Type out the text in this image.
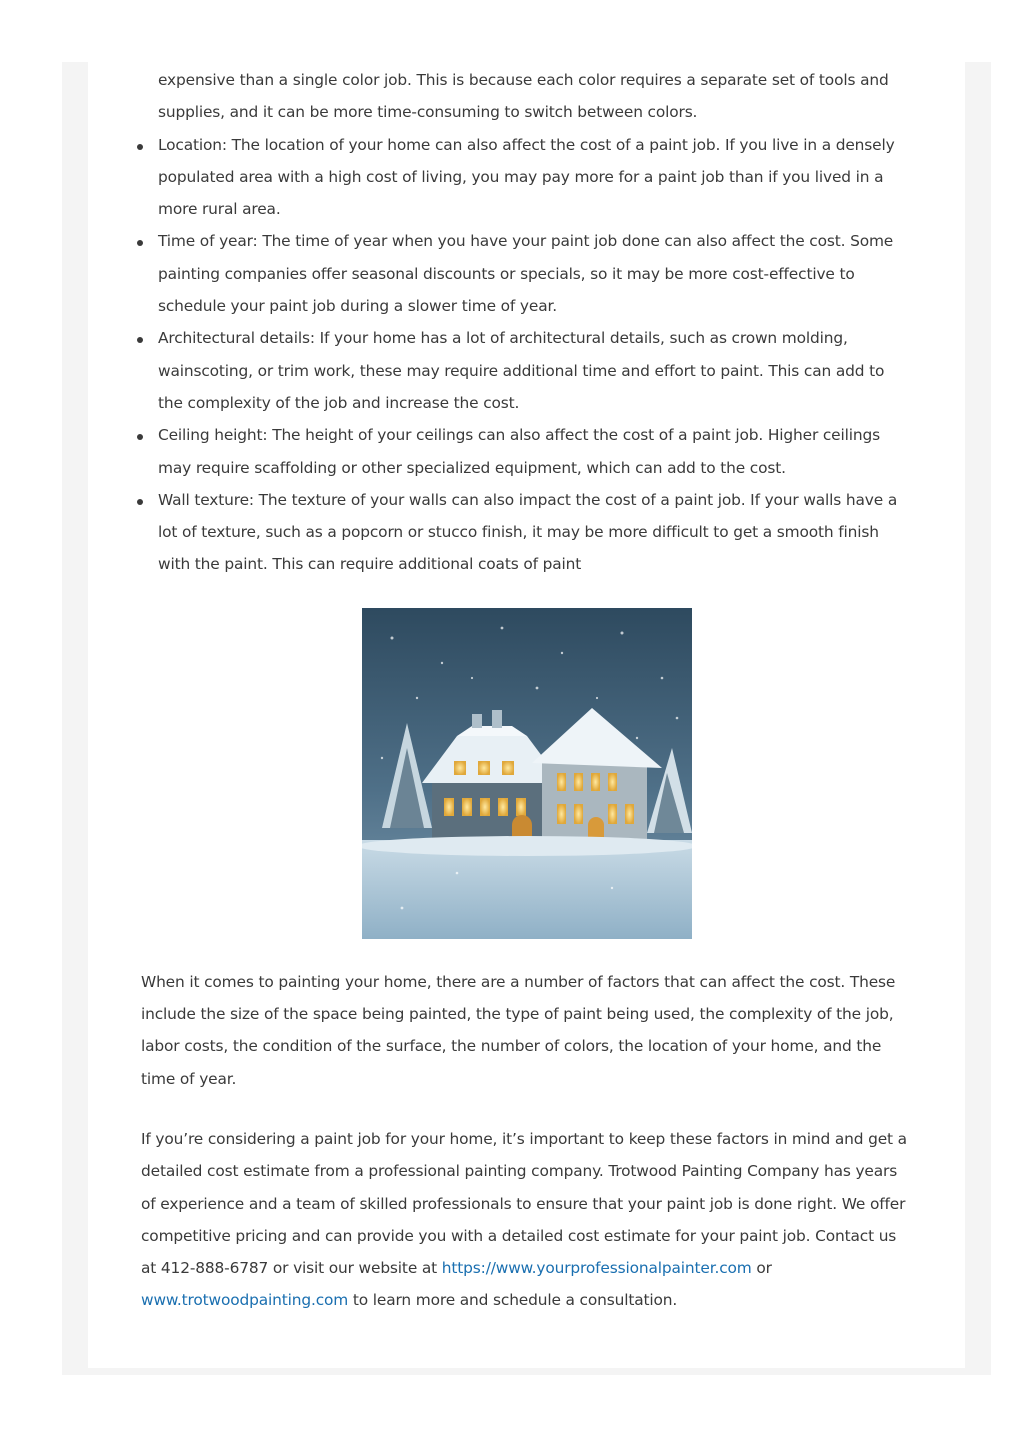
expensive than a single color job. This is because each color requires a separate set of tools and supplies, and it can be more time-consuming to switch between colors.
Location: The location of your home can also affect the cost of a paint job. If you live in a densely populated area with a high cost of living, you may pay more for a paint job than if you lived in a more rural area.
Time of year: The time of year when you have your paint job done can also affect the cost. Some painting companies offer seasonal discounts or specials, so it may be more cost-effective to schedule your paint job during a slower time of year.
Architectural details: If your home has a lot of architectural details, such as crown molding, wainscoting, or trim work, these may require additional time and effort to paint. This can add to the complexity of the job and increase the cost.
Ceiling height: The height of your ceilings can also affect the cost of a paint job. Higher ceilings may require scaffolding or other specialized equipment, which can add to the cost.
Wall texture: The texture of your walls can also impact the cost of a paint job. If your walls have a lot of texture, such as a popcorn or stucco finish, it may be more difficult to get a smooth finish with the paint. This can require additional coats of paint

When it comes to painting your home, there are a number of factors that can affect the cost. These include the size of the space being painted, the type of paint being used, the complexity of the job, labor costs, the condition of the surface, the number of colors, the location of your home, and the time of year.

If you’re considering a paint job for your home, it’s important to keep these factors in mind and get a detailed cost estimate from a professional painting company. Trotwood Painting Company has years of experience and a team of skilled professionals to ensure that your paint job is done right. We offer competitive pricing and can provide you with a detailed cost estimate for your paint job. Contact us at 412-888-6787 or visit our website at https://www.yourprofessionalpainter.com or www.trotwoodpainting.com to learn more and schedule a consultation.
